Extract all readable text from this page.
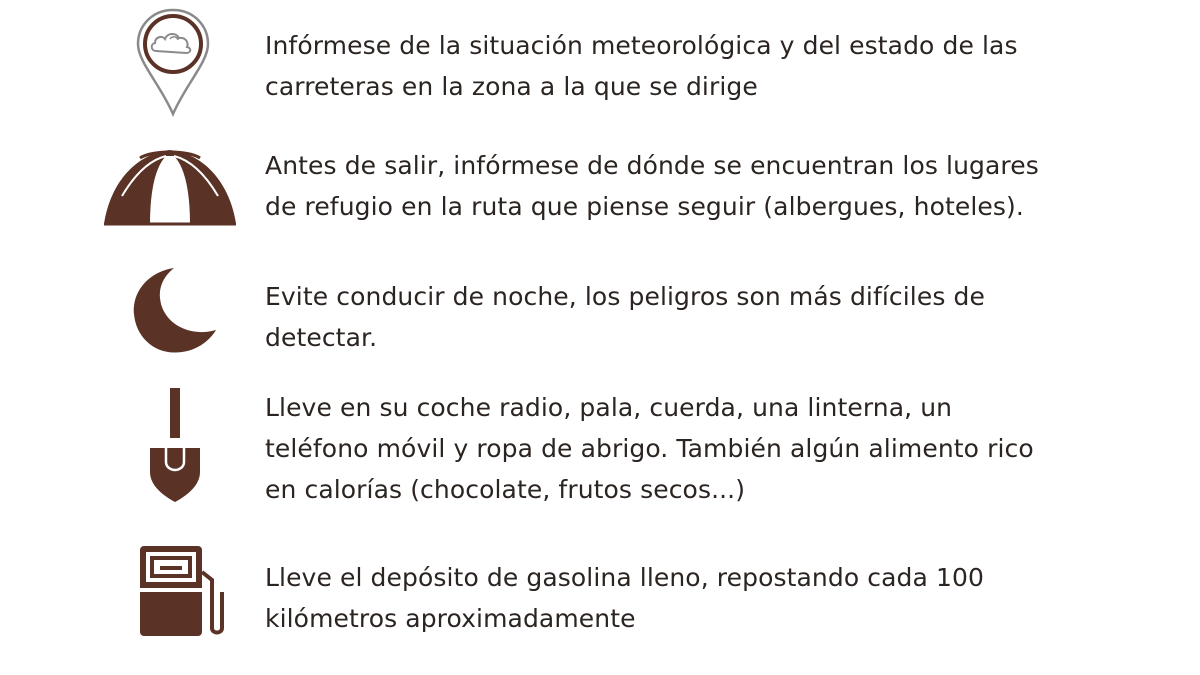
Infórmese de la situación meteorológica y del estado de las
carreteras en la zona a la que se dirige
Antes de salir, infórmese de dónde se encuentran los lugares
de refugio en la ruta que piense seguir (albergues, hoteles).
Evite conducir de noche, los peligros son más difíciles de
detectar.
Lleve en su coche radio, pala, cuerda, una linterna, un
teléfono móvil y ropa de abrigo. También algún alimento rico
en calorías (chocolate, frutos secos...)
Lleve el depósito de gasolina lleno, repostando cada 100
kilómetros aproximadamente
